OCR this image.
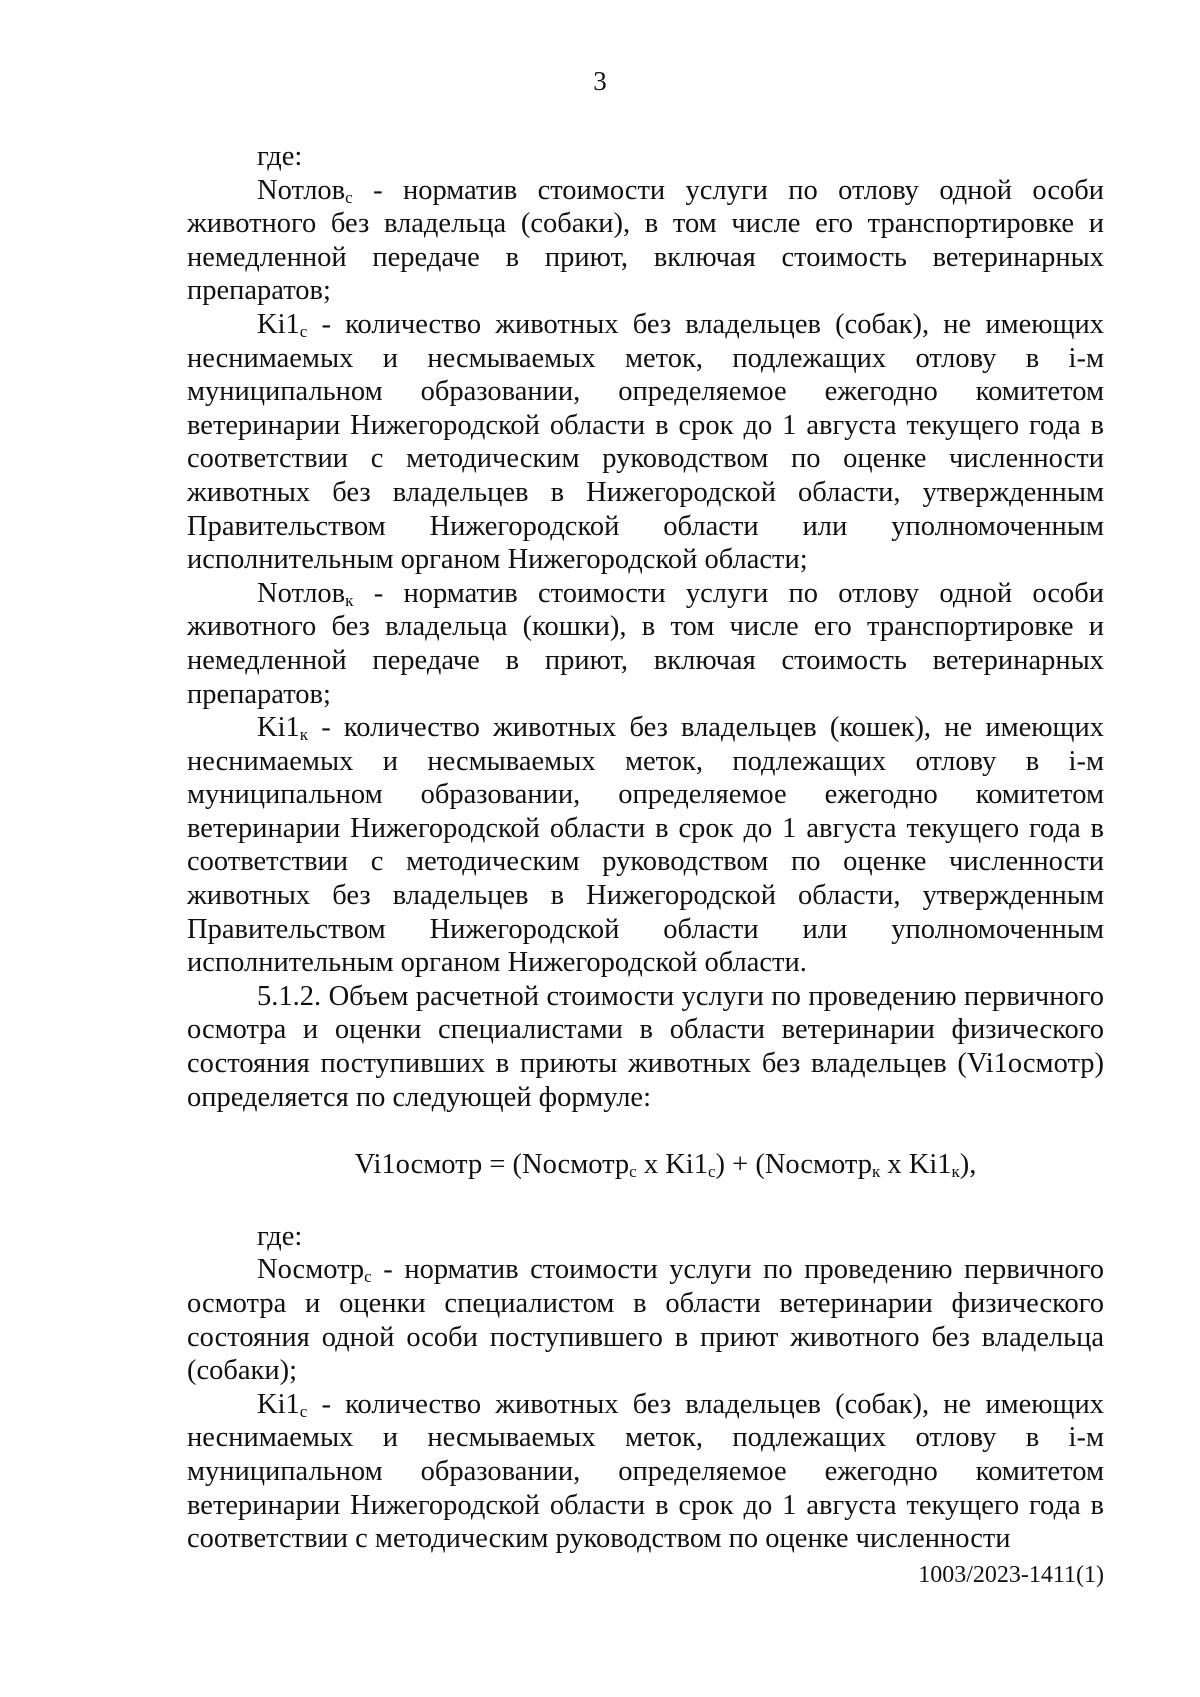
3

где:

Nотлов$_с$ - норматив стоимости услуги по отлову одной особи животного без владельца (собаки), в том числе его транспортировке и немедленной передаче в приют, включая стоимость ветеринарных препаратов;

$Ki1_с$ - количество животных без владельцев (собак), не имеющих неснимаемых и несмываемых меток, подлежащих отлову в i-м муниципальном образовании, определяемое ежегодно комитетом ветеринарии Нижегородской области в срок до 1 августа текущего года в соответствии с методическим руководством по оценке численности животных без владельцев в Нижегородской области, утвержденным Правительством Нижегородской области или уполномоченным исполнительным органом Нижегородской области;

Nотлов$_к$ - норматив стоимости услуги по отлову одной особи животного без владельца (кошки), в том числе его транспортировке и немедленной передаче в приют, включая стоимость ветеринарных препаратов;

$Ki1_к$ - количество животных без владельцев (кошек), не имеющих неснимаемых и несмываемых меток, подлежащих отлову в i-м муниципальном образовании, определяемое ежегодно комитетом ветеринарии Нижегородской области в срок до 1 августа текущего года в соответствии с методическим руководством по оценке численности животных без владельцев в Нижегородской области, утвержденным Правительством Нижегородской области или уполномоченным исполнительным органом Нижегородской области.

5.1.2. Объем расчетной стоимости услуги по проведению первичного осмотра и оценки специалистами в области ветеринарии физического состояния поступивших в приюты животных без владельцев (Vi1осмотр) определяется по следующей формуле:

Vi1осмотр = (Nосмотр$_с$ х $Ki1_с$) + (Nосмотр$_к$ х $Ki1_к$),

где:

Nосмотр$_с$ - норматив стоимости услуги по проведению первичного осмотра и оценки специалистом в области ветеринарии физического состояния одной особи поступившего в приют животного без владельца (собаки);

$Ki1_с$ - количество животных без владельцев (собак), не имеющих неснимаемых и несмываемых меток, подлежащих отлову в i-м муниципальном образовании, определяемое ежегодно комитетом ветеринарии Нижегородской области в срок до 1 августа текущего года в соответствии с методическим руководством по оценке численности

1003/2023-1411(1)
